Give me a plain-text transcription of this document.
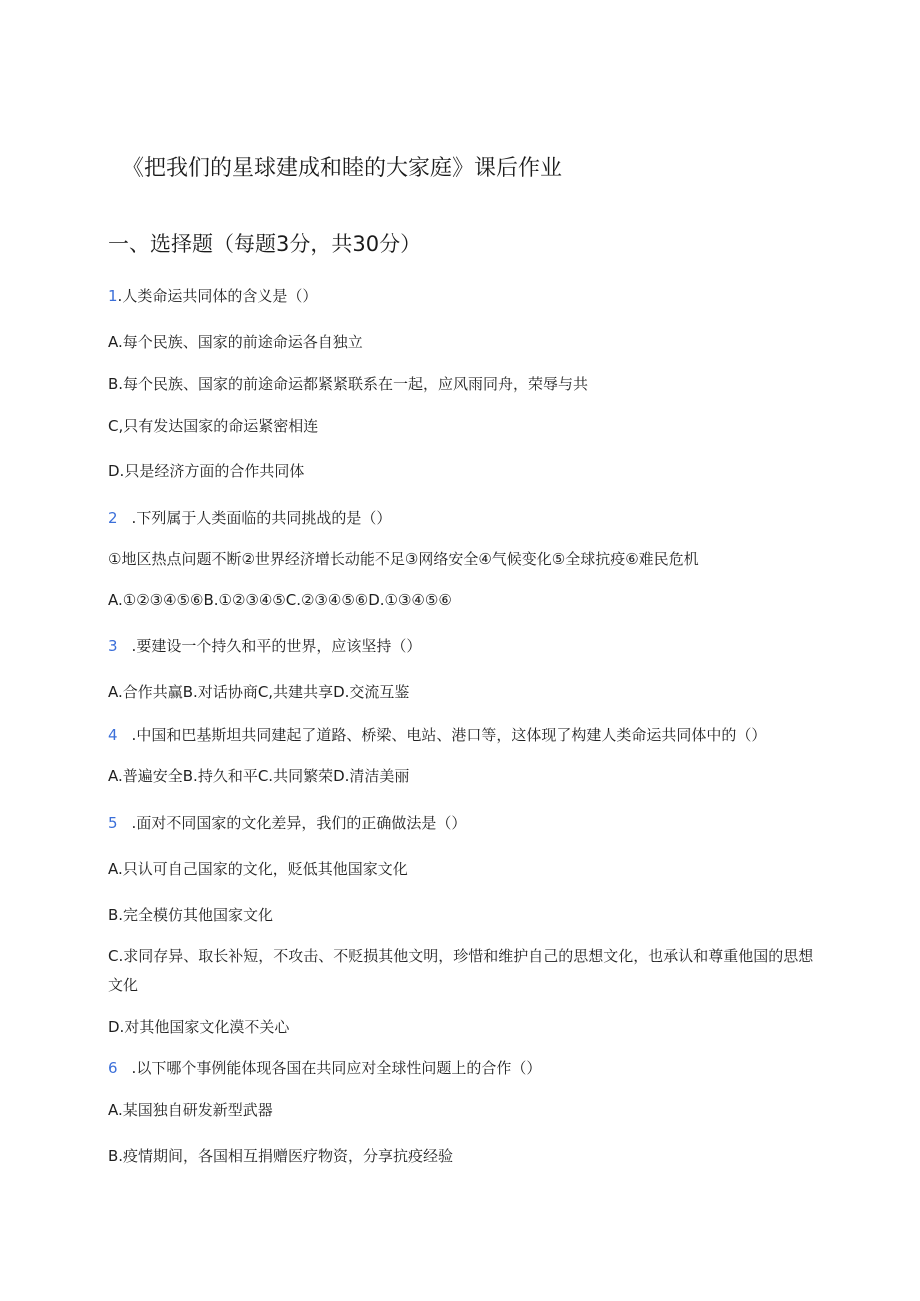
《把我们的星球建成和睦的大家庭》课后作业
一、选择题（每题3分，共30分）
1.人类命运共同体的含义是（）
A.每个民族、国家的前途命运各自独立
B.每个民族、国家的前途命运都紧紧联系在一起，应风雨同舟，荣辱与共
C,只有发达国家的命运紧密相连
D.只是经济方面的合作共同体
2 .下列属于人类面临的共同挑战的是（）
①地区热点问题不断②世界经济增长动能不足③网络安全④气候变化⑤全球抗疫⑥难民危机
A.①②③④⑤⑥B.①②③④⑤C.②③④⑤⑥D.①③④⑤⑥
3 .要建设一个持久和平的世界，应该坚持（）
A.合作共赢B.对话协商C,共建共享D.交流互鉴
4 .中国和巴基斯坦共同建起了道路、桥梁、电站、港口等，这体现了构建人类命运共同体中的（）
A.普遍安全B.持久和平C.共同繁荣D.清洁美丽
5 .面对不同国家的文化差异，我们的正确做法是（）
A.只认可自己国家的文化，贬低其他国家文化
B.完全模仿其他国家文化
C.求同存异、取长补短，不攻击、不贬损其他文明，珍惜和维护自己的思想文化，也承认和尊重他国的思想文化
D.对其他国家文化漠不关心
6 .以下哪个事例能体现各国在共同应对全球性问题上的合作（）
A.某国独自研发新型武器
B.疫情期间，各国相互捐赠医疗物资，分享抗疫经验
